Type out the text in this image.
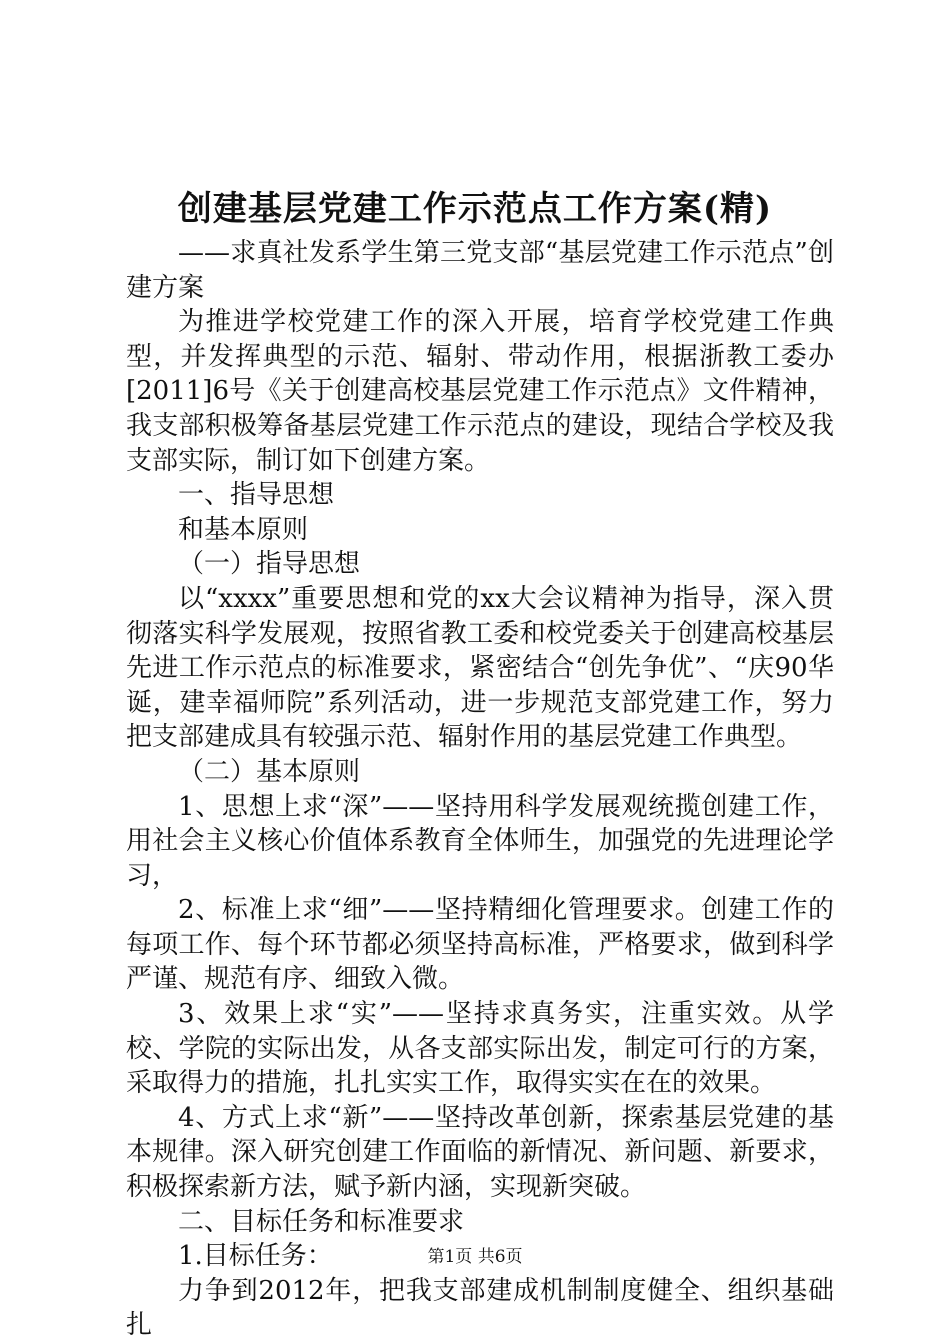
创建基层党建工作示范点工作方案(精)

——求真社发系学生第三党支部“基层党建工作示范点”创建方案

为推进学校党建工作的深入开展，培育学校党建工作典型，并发挥典型的示范、辐射、带动作用，根据浙教工委办[2011]6号《关于创建高校基层党建工作示范点》文件精神，我支部积极筹备基层党建工作示范点的建设，现结合学校及我支部实际，制订如下创建方案。

一、指导思想

和基本原则

（一）指导思想

以“xxxx”重要思想和党的xx大会议精神为指导，深入贯彻落实科学发展观，按照省教工委和校党委关于创建高校基层先进工作示范点的标准要求，紧密结合“创先争优”、“庆90华诞，建幸福师院”系列活动，进一步规范支部党建工作，努力把支部建成具有较强示范、辐射作用的基层党建工作典型。

（二）基本原则

1、思想上求“深”——坚持用科学发展观统揽创建工作，用社会主义核心价值体系教育全体师生，加强党的先进理论学习，

2、标准上求“细”——坚持精细化管理要求。创建工作的每项工作、每个环节都必须坚持高标准，严格要求，做到科学严谨、规范有序、细致入微。

3、效果上求“实”——坚持求真务实，注重实效。从学校、学院的实际出发，从各支部实际出发，制定可行的方案，采取得力的措施，扎扎实实工作，取得实实在在的效果。

4、方式上求“新”——坚持改革创新，探索基层党建的基本规律。深入研究创建工作面临的新情况、新问题、新要求，积极探索新方法，赋予新内涵，实现新突破。

二、目标任务和标准要求

1.目标任务：

力争到2012年，把我支部建成机制制度健全、组织基础扎

第1页 共6页
